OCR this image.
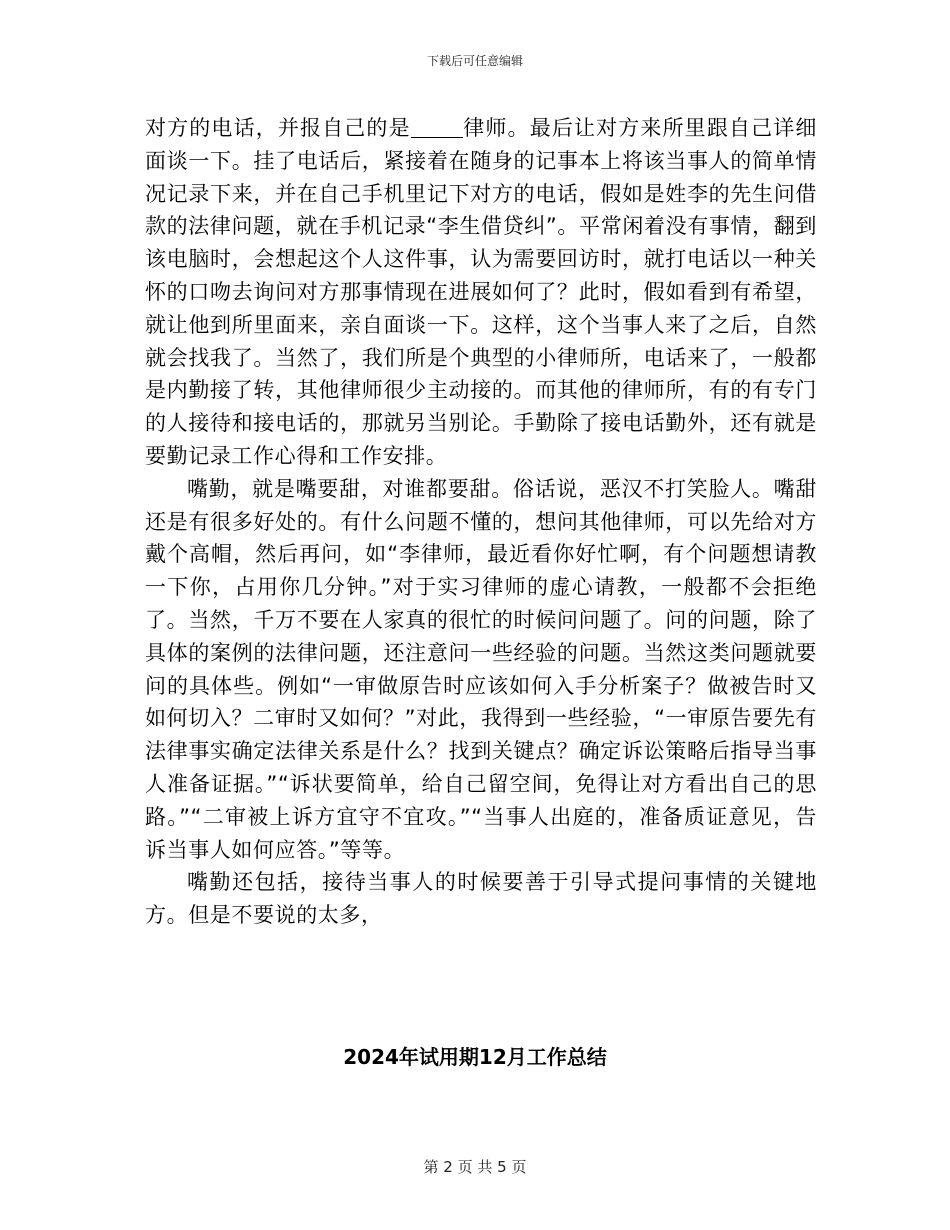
下载后可任意编辑

对方的电话，并报自己的是 律师。最后让对方来所里跟自己详细面谈一下。挂了电话后，紧接着在随身的记事本上将该当事人的简单情况记录下来，并在自己手机里记下对方的电话，假如是姓李的先生问借款的法律问题，就在手机记录“李生借贷纠”。平常闲着没有事情，翻到该电脑时，会想起这个人这件事，认为需要回访时，就打电话以一种关怀的口吻去询问对方那事情现在进展如何了？此时，假如看到有希望，就让他到所里面来，亲自面谈一下。这样，这个当事人来了之后，自然就会找我了。当然了，我们所是个典型的小律师所，电话来了，一般都是内勤接了转，其他律师很少主动接的。而其他的律师所，有的有专门的人接待和接电话的，那就另当别论。手勤除了接电话勤外，还有就是要勤记录工作心得和工作安排。

嘴勤，就是嘴要甜，对谁都要甜。俗话说，恶汉不打笑脸人。嘴甜还是有很多好处的。有什么问题不懂的，想问其他律师，可以先给对方戴个高帽，然后再问，如“李律师，最近看你好忙啊，有个问题想请教一下你，占用你几分钟。”对于实习律师的虚心请教，一般都不会拒绝了。当然，千万不要在人家真的很忙的时候问问题了。问的问题，除了具体的案例的法律问题，还注意问一些经验的问题。当然这类问题就要问的具体些。例如“一审做原告时应该如何入手分析案子？做被告时又如何切入？二审时又如何？”对此，我得到一些经验，“一审原告要先有法律事实确定法律关系是什么？找到关键点？确定诉讼策略后指导当事人准备证据。”“诉状要简单，给自己留空间，免得让对方看出自己的思路。”“二审被上诉方宜守不宜攻。”“当事人出庭的，准备质证意见，告诉当事人如何应答。”等等。

嘴勤还包括，接待当事人的时候要善于引导式提问事情的关键地方。但是不要说的太多，

2024年试用期12月工作总结
第 2 页 共 5 页
